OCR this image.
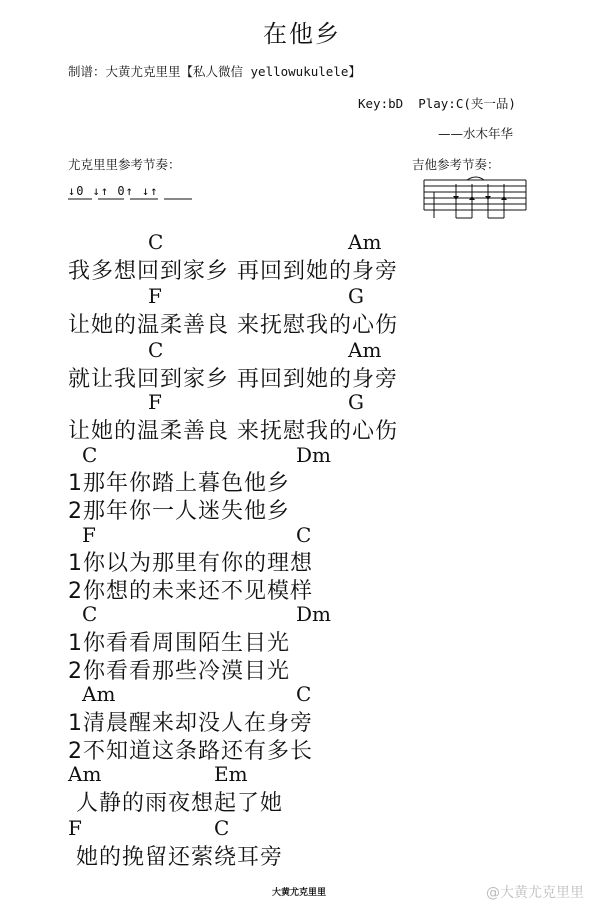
在他乡
制谱：大黄尤克里里【私人微信 yellowukulele】
Key:bD  Play:C(夹一品)
——水木年华
尤克里里参考节奏：
↓0 ↓↑ 0↑ ↓↑
吉他参考节奏：
C	Am
我多想回到家乡 再回到她的身旁
F	G
让她的温柔善良 来抚慰我的心伤
C	Am
就让我回到家乡 再回到她的身旁
F	G
让她的温柔善良 来抚慰我的心伤
C	Dm
1那年你踏上暮色他乡
2那年你一人迷失他乡
F	C
1你以为那里有你的理想
2你想的未来还不见模样
C	Dm
1你看看周围陌生目光
2你看看那些冷漠目光
Am	C
1清晨醒来却没人在身旁
2不知道这条路还有多长
Am	Em
人静的雨夜想起了她
F	C
她的挽留还萦绕耳旁
大黄尤克里里	@大黄尤克里里
